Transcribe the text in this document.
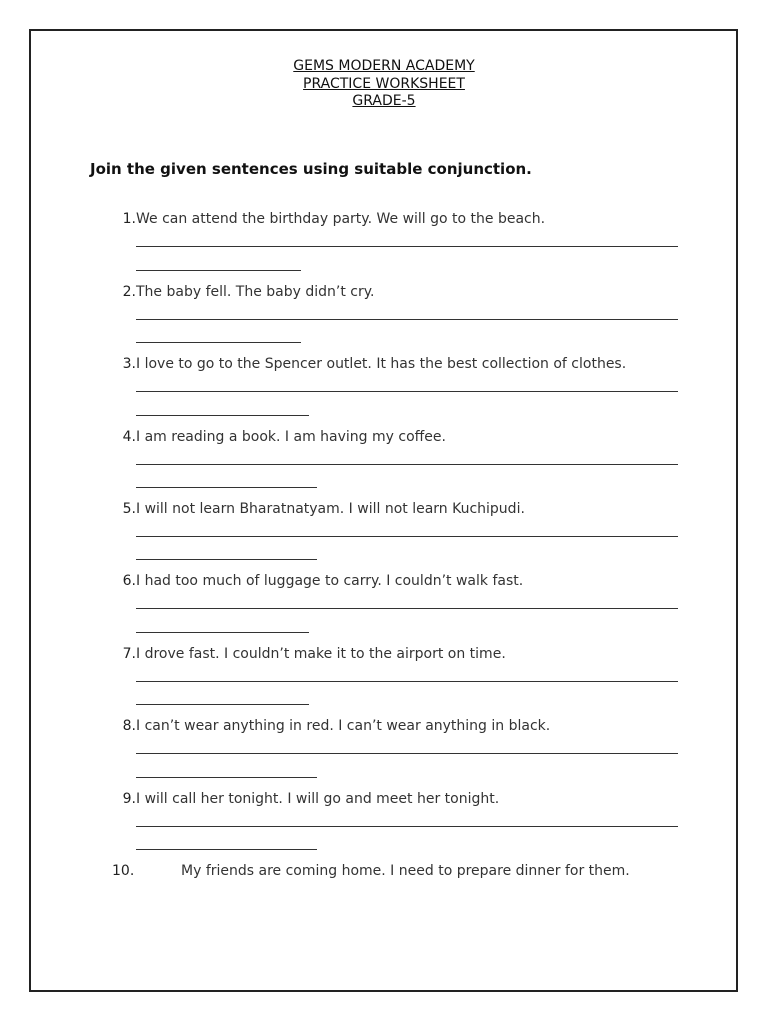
GEMS MODERN ACADEMY
PRACTICE WORKSHEET
GRADE-5
Join the given sentences using suitable conjunction.
1. We can attend the birthday party. We will go to the beach.
2. The baby fell. The baby didn’t cry.
3. I love to go to the Spencer outlet. It has the best collection of clothes.
4. I am reading a book. I am having my coffee.
5. I will not learn Bharatnatyam. I will not learn Kuchipudi.
6. I had too much of luggage to carry. I couldn’t walk fast.
7. I drove fast. I couldn’t make it to the airport on time.
8. I can’t wear anything in red. I can’t wear anything in black.
9. I will call her tonight. I will go and meet her tonight.
10.	My friends are coming home. I need to prepare dinner for them.
